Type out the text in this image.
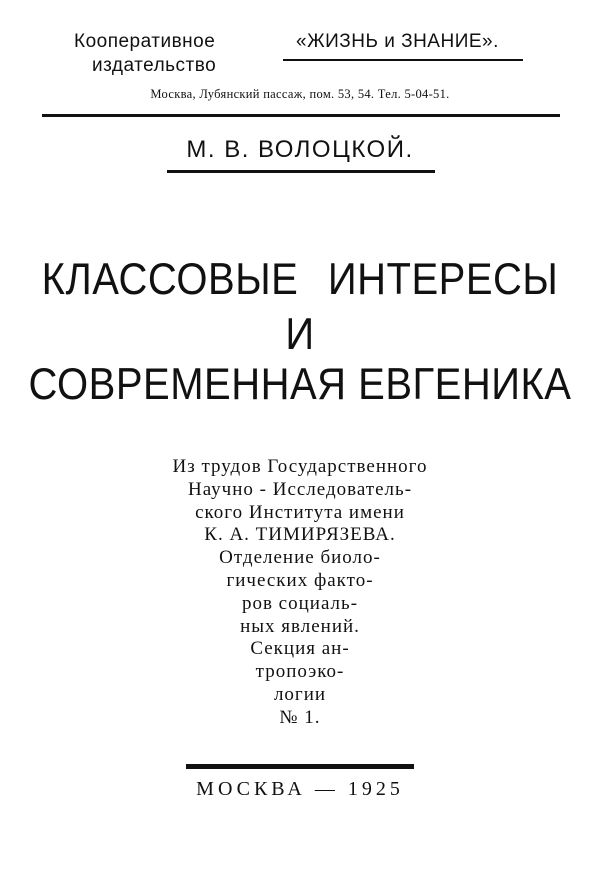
Кооперативное
издательство
«ЖИЗНЬ и ЗНАНИЕ».
Москва, Лубянский пассаж, пом. 53, 54. Тел. 5-04-51.
М. В. ВОЛОЦКОЙ.
КЛАССОВЫЕ ИНТЕРЕСЫ
И
СОВРЕМЕННАЯ ЕВГЕНИКА
Из трудов Государственного
Научно - Исследователь-
ского Института имени
К. А. ТИМИРЯЗЕВА.
Отделение биоло-
гических факто-
ров социаль-
ных явлений.
Секция ан-
тропоэко-
логии
№ 1.
МОСКВА — 1925
